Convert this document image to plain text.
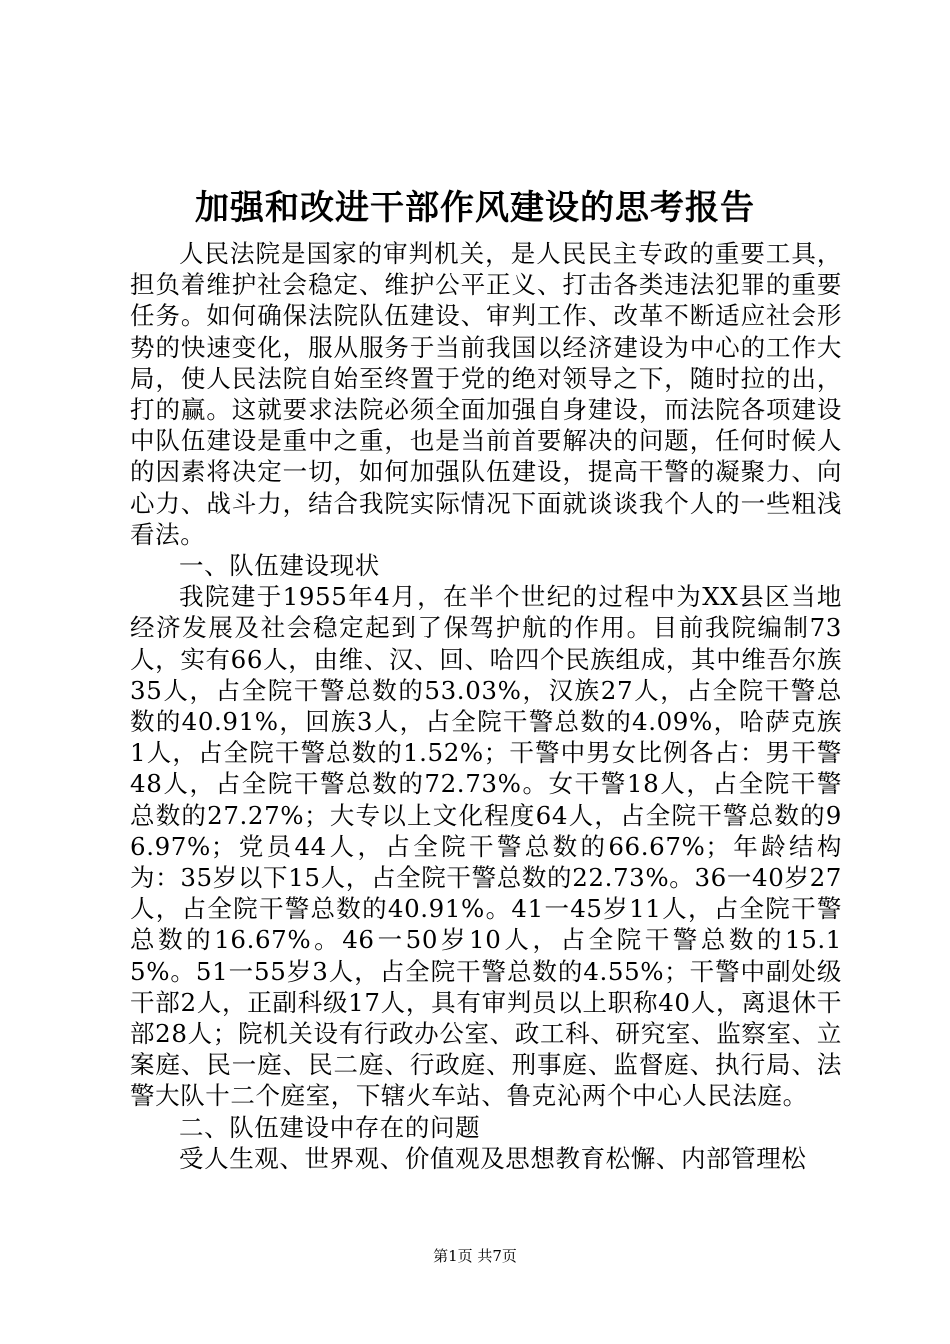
加强和改进干部作风建设的思考报告

人民法院是国家的审判机关，是人民民主专政的重要工具，担负着维护社会稳定、维护公平正义、打击各类违法犯罪的重要任务。如何确保法院队伍建设、审判工作、改革不断适应社会形势的快速变化，服从服务于当前我国以经济建设为中心的工作大局，使人民法院自始至终置于党的绝对领导之下，随时拉的出，打的赢。这就要求法院必须全面加强自身建设，而法院各项建设中队伍建设是重中之重，也是当前首要解决的问题，任何时候人的因素将决定一切，如何加强队伍建设，提高干警的凝聚力、向心力、战斗力，结合我院实际情况下面就谈谈我个人的一些粗浅看法。

一、队伍建设现状

我院建于1955年4月，在半个世纪的过程中为XX县区当地经济发展及社会稳定起到了保驾护航的作用。目前我院编制73人，实有66人，由维、汉、回、哈四个民族组成，其中维吾尔族35人，占全院干警总数的53.03%，汉族27人，占全院干警总数的40.91%，回族3人，占全院干警总数的4.09%，哈萨克族1人，占全院干警总数的1.52%；干警中男女比例各占：男干警48人，占全院干警总数的72.73%。女干警18人，占全院干警总数的27.27%；大专以上文化程度64人，占全院干警总数的96.97%；党员44人，占全院干警总数的66.67%；年龄结构为：35岁以下15人，占全院干警总数的22.73%。36一40岁27人，占全院干警总数的40.91%。41一45岁11人，占全院干警总数的16.67%。46一50岁10人，占全院干警总数的15.15%。51一55岁3人，占全院干警总数的4.55%；干警中副处级干部2人，正副科级17人，具有审判员以上职称40人，离退休干部28人；院机关设有行政办公室、政工科、研究室、监察室、立案庭、民一庭、民二庭、行政庭、刑事庭、监督庭、执行局、法警大队十二个庭室，下辖火车站、鲁克沁两个中心人民法庭。

二、队伍建设中存在的问题

受人生观、世界观、价值观及思想教育松懈、内部管理松

第1页 共7页
